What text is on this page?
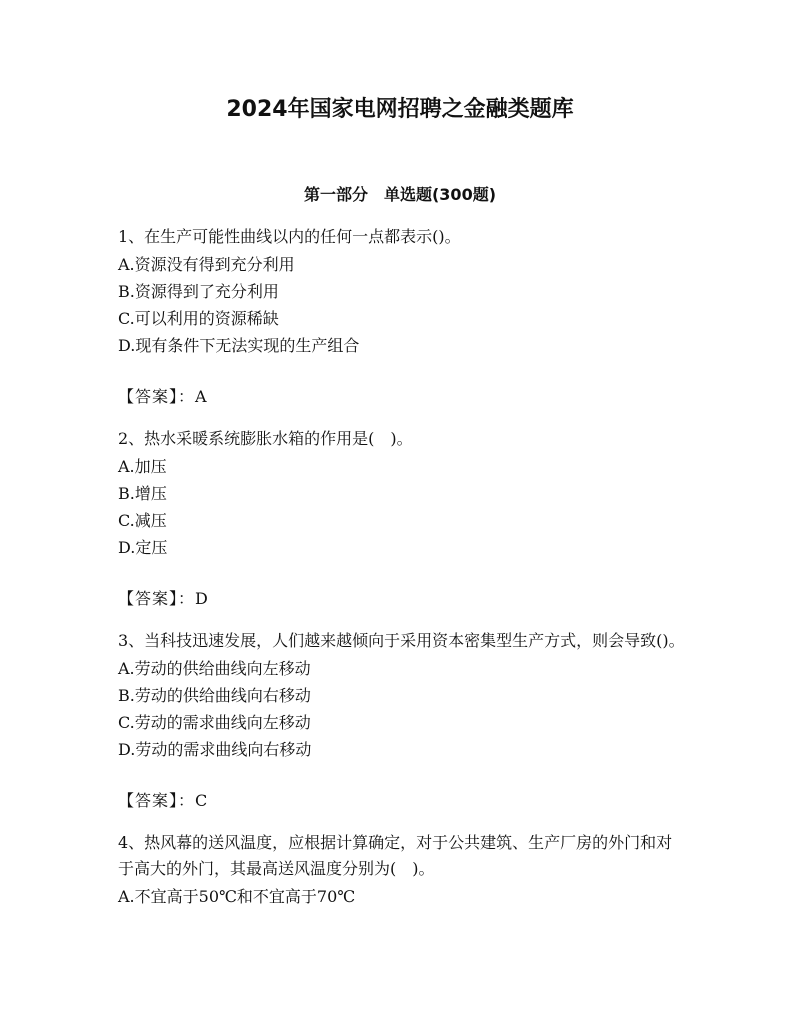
2024年国家电网招聘之金融类题库
第一部分　单选题(300题)

1、在生产可能性曲线以内的任何一点都表示()。

A.资源没有得到充分利用

B.资源得到了充分利用

C.可以利用的资源稀缺

D.现有条件下无法实现的生产组合

【答案】：A

2、热水采暖系统膨胀水箱的作用是(　)。

A.加压

B.增压

C.减压

D.定压

【答案】：D

3、当科技迅速发展，人们越来越倾向于采用资本密集型生产方式，则会导致()。

A.劳动的供给曲线向左移动

B.劳动的供给曲线向右移动

C.劳动的需求曲线向左移动

D.劳动的需求曲线向右移动

【答案】：C

4、热风幕的送风温度，应根据计算确定，对于公共建筑、生产厂房的外门和对于高大的外门，其最高送风温度分别为(　)。

A.不宜高于50℃和不宜高于70℃
